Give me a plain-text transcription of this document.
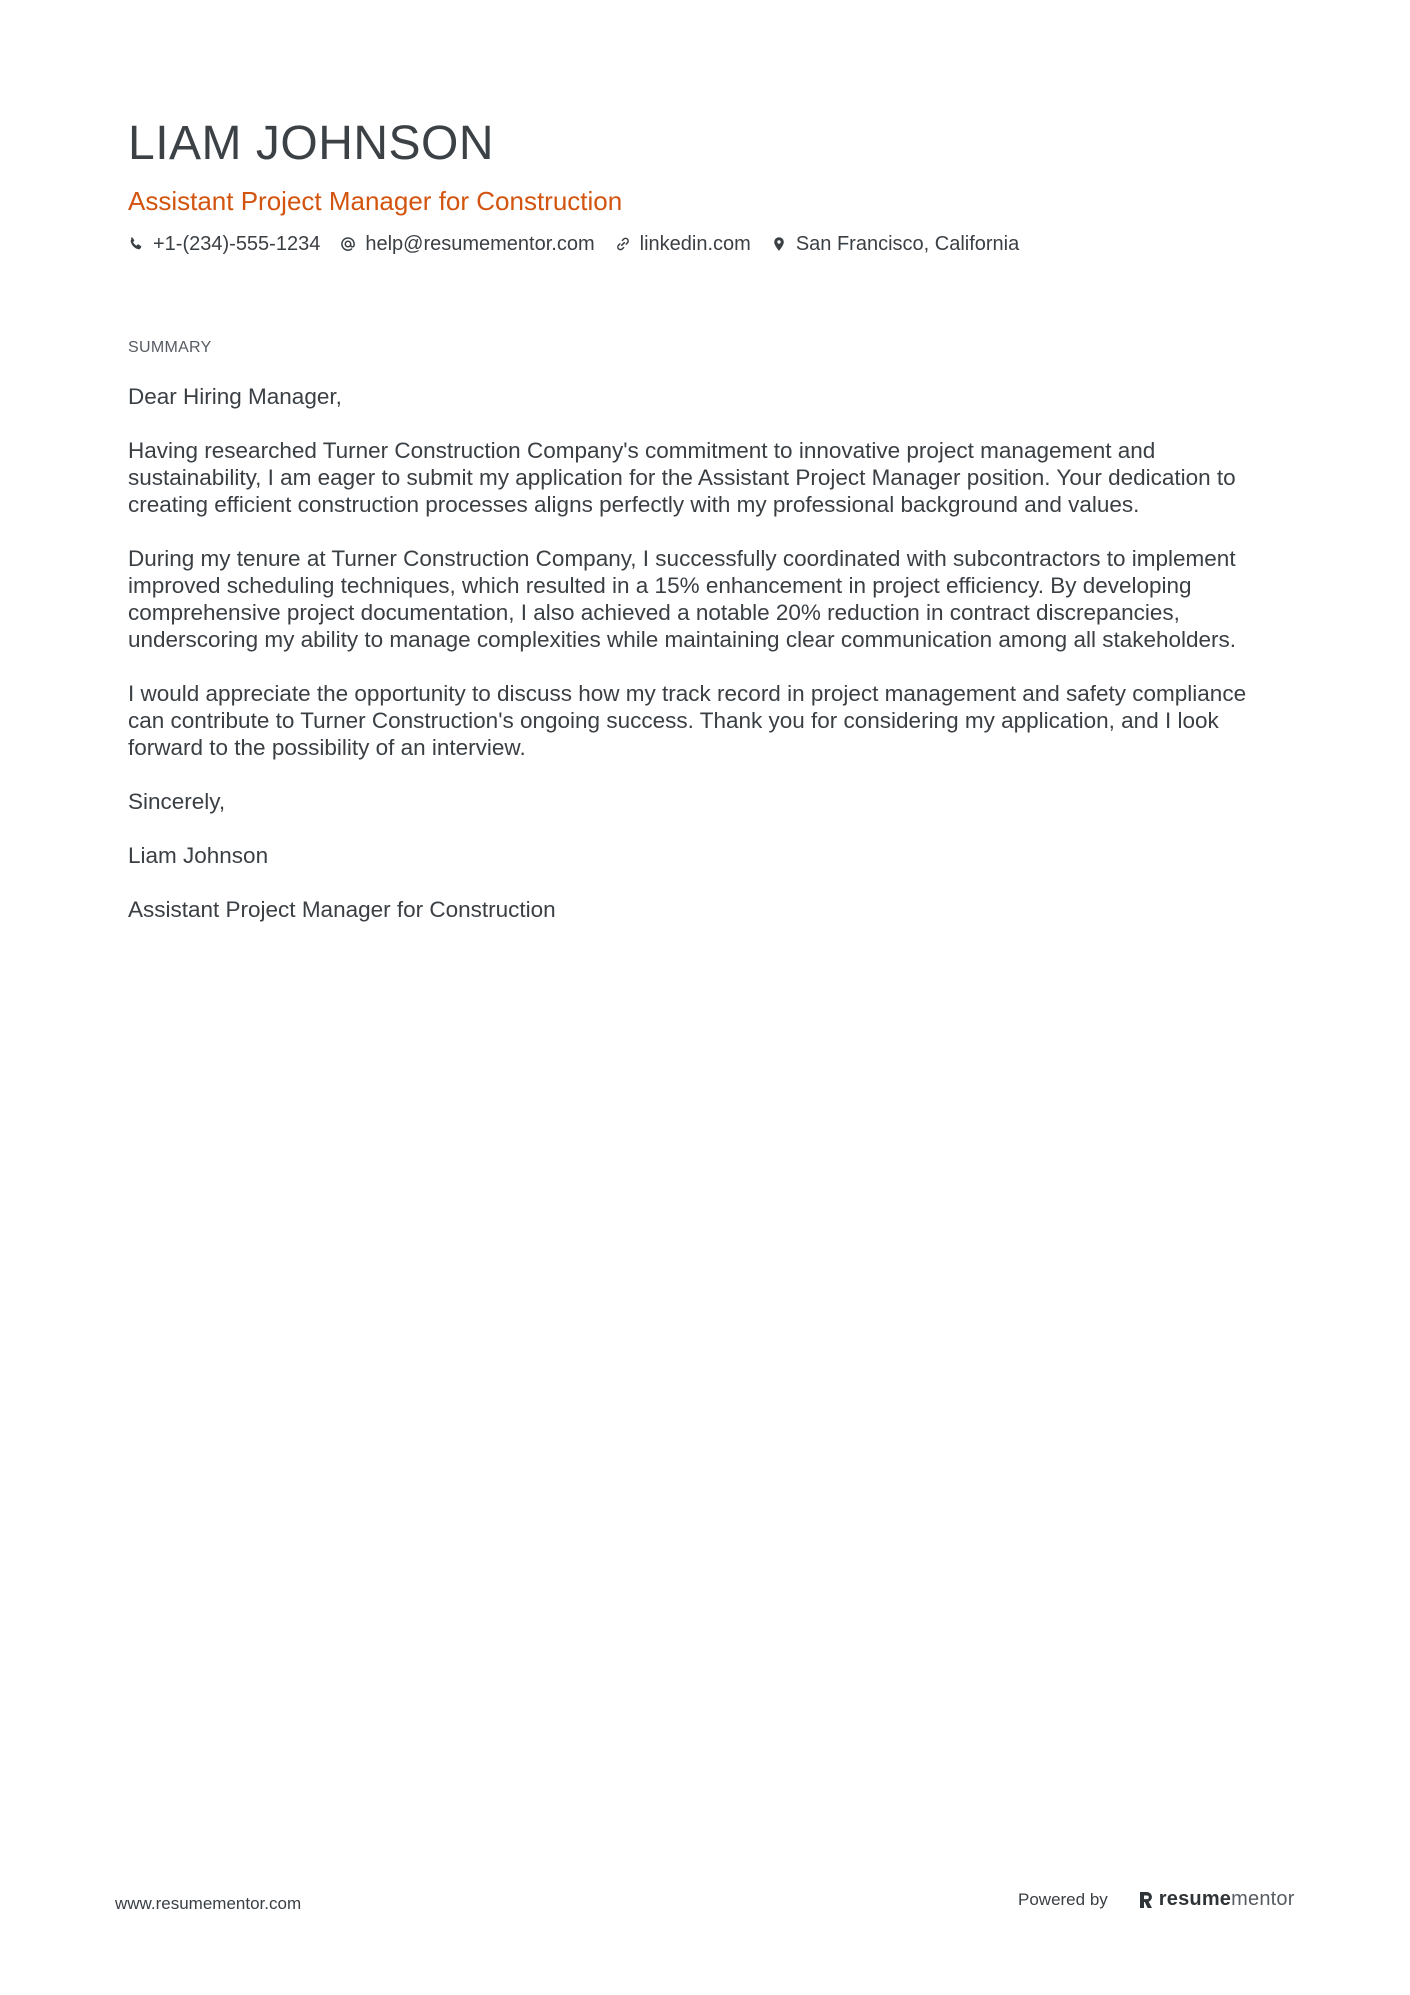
LIAM JOHNSON
Assistant Project Manager for Construction
+1-(234)-555-1234 help@resumementor.com linkedin.com San Francisco, California
SUMMARY

Dear Hiring Manager,

Having researched Turner Construction Company's commitment to innovative project management and sustainability, I am eager to submit my application for the Assistant Project Manager position. Your dedication to creating efficient construction processes aligns perfectly with my professional background and values.

During my tenure at Turner Construction Company, I successfully coordinated with subcontractors to implement improved scheduling techniques, which resulted in a 15% enhancement in project efficiency. By developing comprehensive project documentation, I also achieved a notable 20% reduction in contract discrepancies, underscoring my ability to manage complexities while maintaining clear communication among all stakeholders.

I would appreciate the opportunity to discuss how my track record in project management and safety compliance can contribute to Turner Construction's ongoing success. Thank you for considering my application, and I look forward to the possibility of an interview.

Sincerely,

Liam Johnson

Assistant Project Manager for Construction

www.resumementor.com	Powered by	resumementor
